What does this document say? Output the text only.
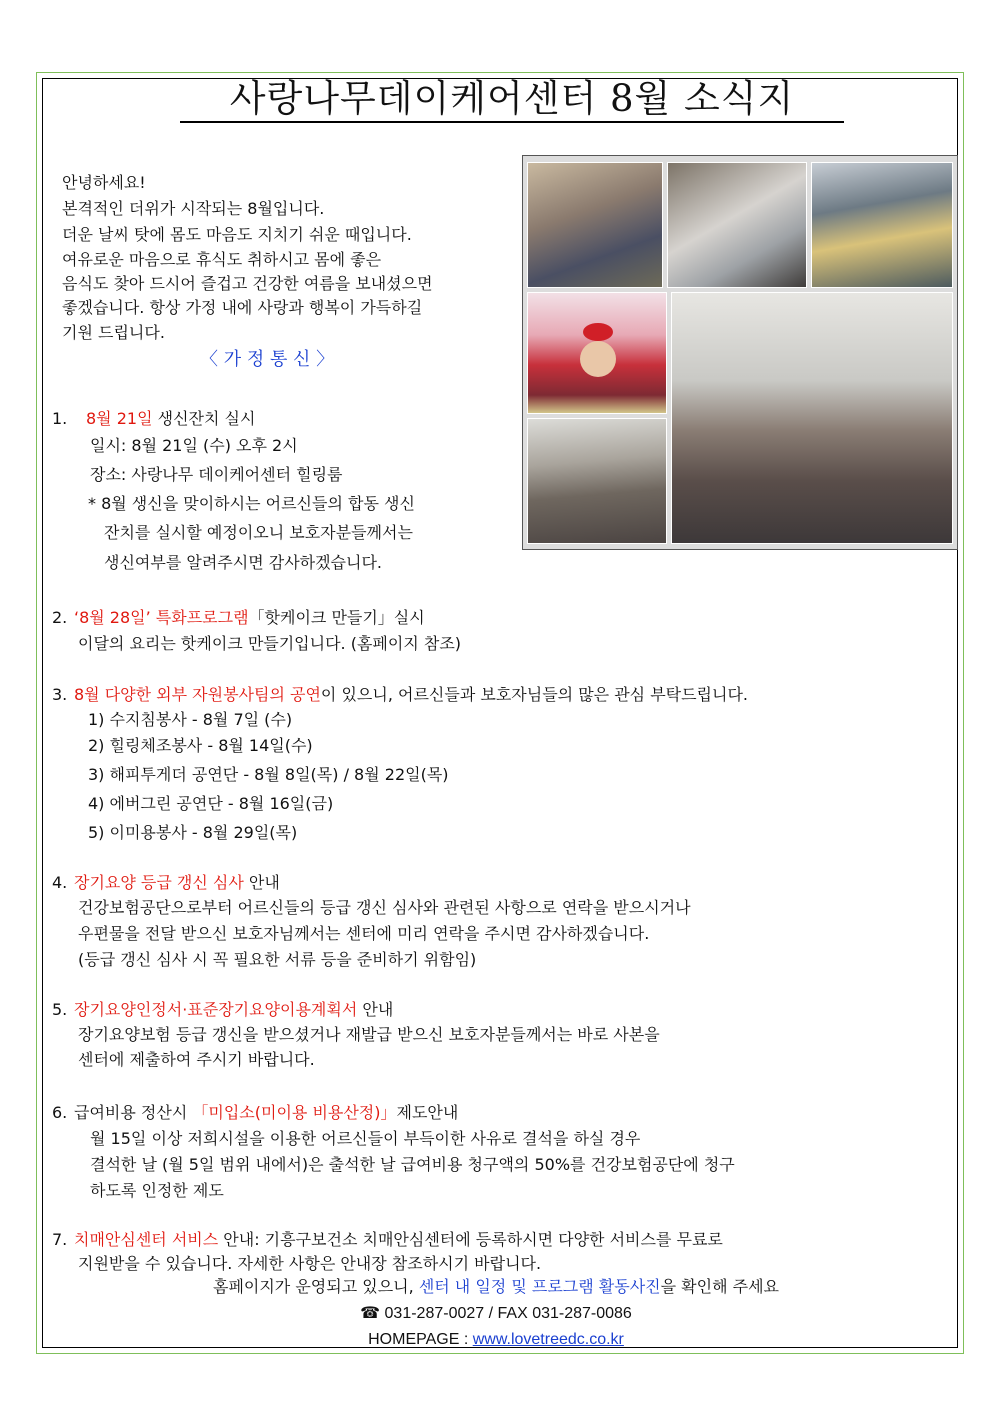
사랑나무데이케어센터 8월 소식지
안녕하세요!
본격적인 더위가 시작되는 8월입니다.
더운 날씨 탓에 몸도 마음도 지치기 쉬운 때입니다.
여유로운 마음으로 휴식도 취하시고 몸에 좋은
음식도 찾아 드시어 즐겁고 건강한 여름을 보내셨으면
좋겠습니다. 항상 가정 내에 사랑과 행복이 가득하길
기원 드립니다.
〈 가 정 통 신 〉
1. 8월 21일 생신잔치 실시
일시: 8월 21일 (수) 오후 2시
장소: 사랑나무 데이케어센터 힐링룸
* 8월 생신을 맞이하시는 어르신들의 합동 생신
잔치를 실시할 예정이오니 보호자분들께서는
생신여부를 알려주시면 감사하겠습니다.
2. ‘8월 28일’ 특화프로그램「핫케이크 만들기」실시
이달의 요리는 핫케이크 만들기입니다. (홈페이지 참조)
3. 8월 다양한 외부 자원봉사팀의 공연이 있으니, 어르신들과 보호자님들의 많은 관심 부탁드립니다.
1) 수지침봉사 - 8월 7일 (수)
2) 힐링체조봉사 - 8월 14일(수)
3) 해피투게더 공연단 - 8월 8일(목) / 8월 22일(목)
4) 에버그린 공연단 - 8월 16일(금)
5) 이미용봉사 - 8월 29일(목)
4. 장기요양 등급 갱신 심사 안내
건강보험공단으로부터 어르신들의 등급 갱신 심사와 관련된 사항으로 연락을 받으시거나
우편물을 전달 받으신 보호자님께서는 센터에 미리 연락을 주시면 감사하겠습니다.
(등급 갱신 심사 시 꼭 필요한 서류 등을 준비하기 위함임)
5. 장기요양인정서·표준장기요양이용계획서 안내
장기요양보험 등급 갱신을 받으셨거나 재발급 받으신 보호자분들께서는 바로 사본을
센터에 제출하여 주시기 바랍니다.
6. 급여비용 정산시 「미입소(미이용 비용산정)」제도안내
월 15일 이상 저희시설을 이용한 어르신들이 부득이한 사유로 결석을 하실 경우
결석한 날 (월 5일 범위 내에서)은 출석한 날 급여비용 청구액의 50%를 건강보험공단에 청구
하도록 인정한 제도
7. 치매안심센터 서비스 안내: 기흥구보건소 치매안심센터에 등록하시면 다양한 서비스를 무료로
지원받을 수 있습니다. 자세한 사항은 안내장 참조하시기 바랍니다.
홈페이지가 운영되고 있으니, 센터 내 일정 및 프로그램 활동사진을 확인해 주세요
☎ 031-287-0027 / FAX 031-287-0086
HOMEPAGE : www.lovetreedc.co.kr
